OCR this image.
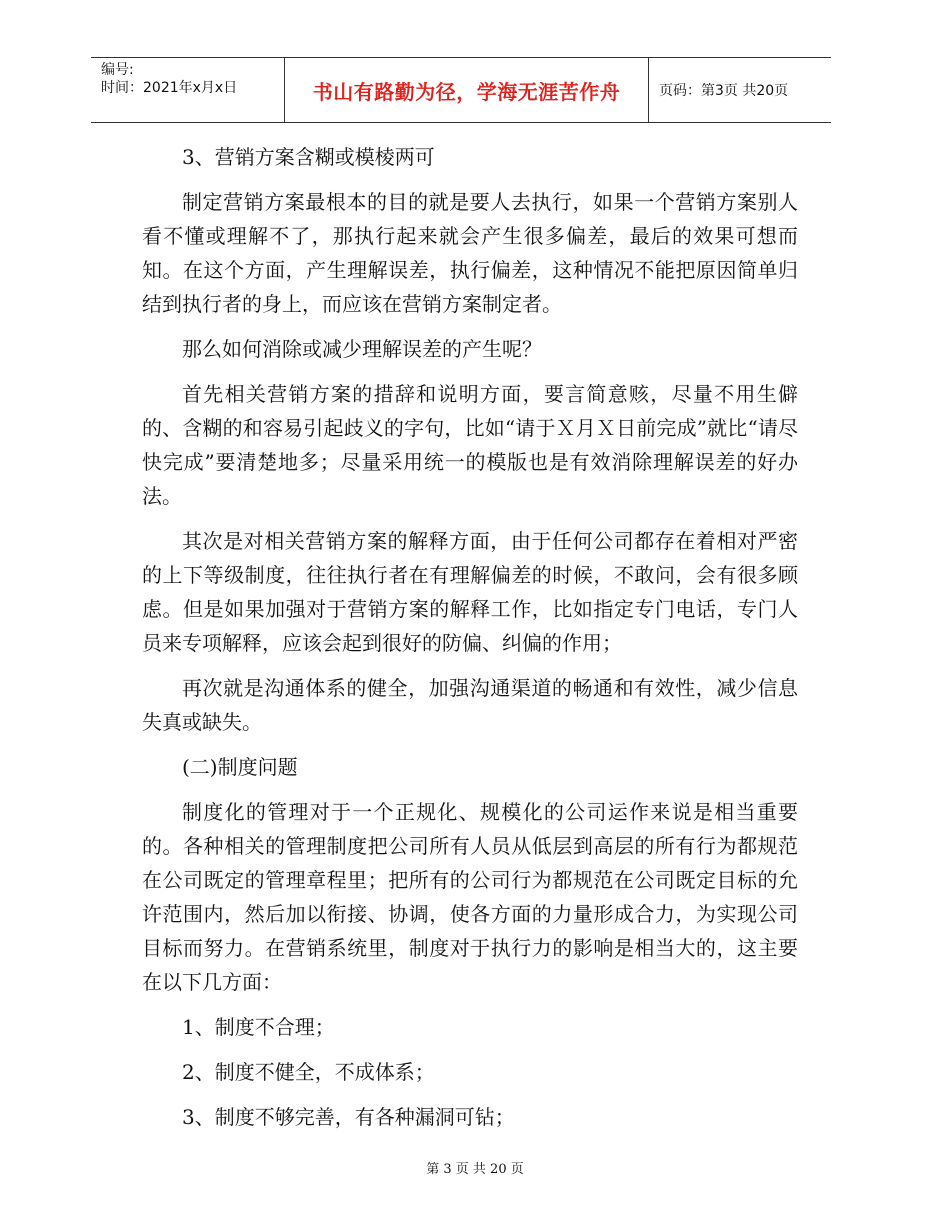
编号:
时间：2021年x月x日	书山有路勤为径，学海无涯苦作舟	页码：第3页 共20页

3、营销方案含糊或模棱两可

制定营销方案最根本的目的就是要人去执行，如果一个营销方案别人看不懂或理解不了，那执行起来就会产生很多偏差，最后的效果可想而知。在这个方面，产生理解误差，执行偏差，这种情况不能把原因简单归结到执行者的身上，而应该在营销方案制定者。

那么如何消除或减少理解误差的产生呢？

首先相关营销方案的措辞和说明方面，要言简意赅，尽量不用生僻的、含糊的和容易引起歧义的字句，比如“请于Ｘ月Ｘ日前完成”就比“请尽快完成”要清楚地多；尽量采用统一的模版也是有效消除理解误差的好办法。

其次是对相关营销方案的解释方面，由于任何公司都存在着相对严密的上下等级制度，往往执行者在有理解偏差的时候，不敢问，会有很多顾虑。但是如果加强对于营销方案的解释工作，比如指定专门电话，专门人员来专项解释，应该会起到很好的防偏、纠偏的作用；

再次就是沟通体系的健全，加强沟通渠道的畅通和有效性，减少信息失真或缺失。

(二)制度问题

制度化的管理对于一个正规化、规模化的公司运作来说是相当重要的。各种相关的管理制度把公司所有人员从低层到高层的所有行为都规范在公司既定的管理章程里；把所有的公司行为都规范在公司既定目标的允许范围内，然后加以衔接、协调，使各方面的力量形成合力，为实现公司目标而努力。在营销系统里，制度对于执行力的影响是相当大的，这主要在以下几方面：

1、制度不合理；

2、制度不健全，不成体系；

3、制度不够完善，有各种漏洞可钻；

第 3 页 共 20 页
